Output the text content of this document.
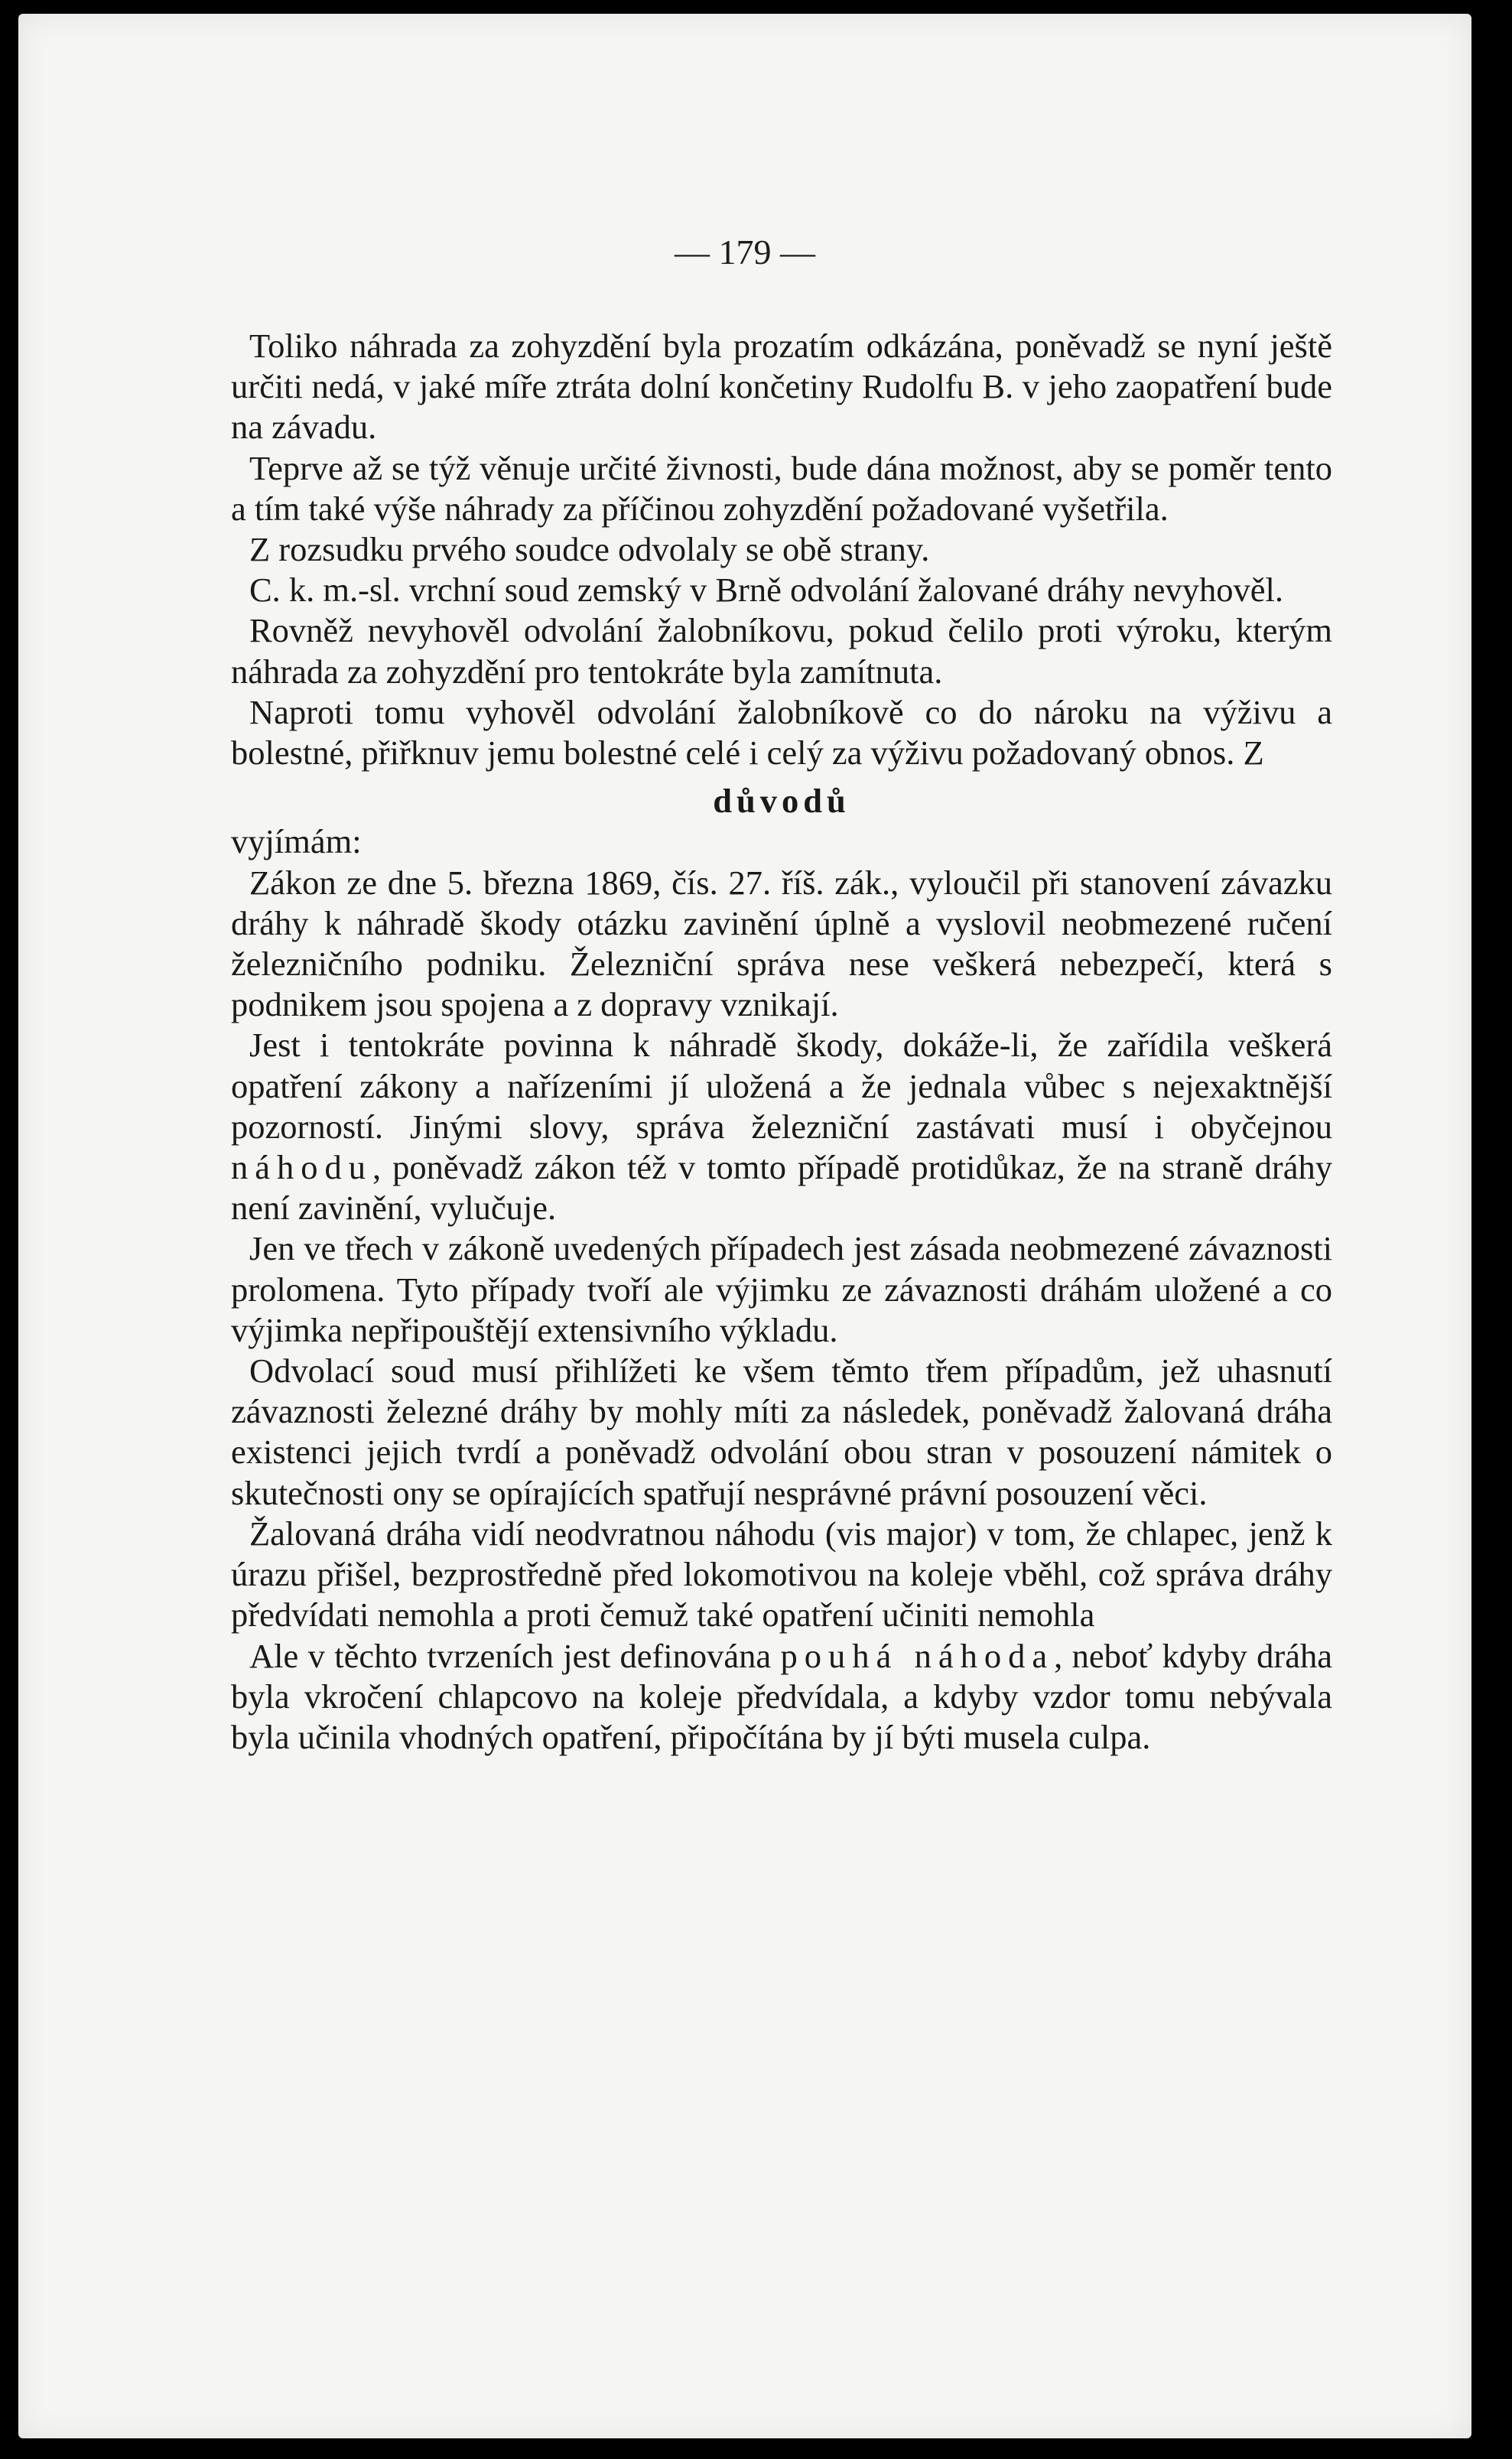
— 179 —

Toliko náhrada za zohyzdění byla prozatím odkázána, poněvadž se nyní ještě určiti nedá, v jaké míře ztráta dolní končetiny Rudolfu B. v jeho zaopatření bude na závadu.

Teprve až se týž věnuje určité živnosti, bude dána možnost, aby se poměr tento a tím také výše náhrady za příčinou zohyzdění požadované vyšetřila.

Z rozsudku prvého soudce odvolaly se obě strany.

C. k. m.-sl. vrchní soud zemský v Brně odvolání žalované dráhy nevyhověl.

Rovněž nevyhověl odvolání žalobníkovu, pokud čelilo proti výroku, kterým náhrada za zohyzdění pro tentokráte byla zamítnuta.

Naproti tomu vyhověl odvolání žalobníkově co do nároku na výživu a bolestné, přiřknuv jemu bolestné celé i celý za výživu požadovaný obnos. Z

důvodů

vyjímám:

Zákon ze dne 5. března 1869, čís. 27. říš. zák., vyloučil při stanovení závazku dráhy k náhradě škody otázku zavinění úplně a vyslovil neobmezené ručení železničního podniku. Železniční správa nese veškerá nebezpečí, která s podnikem jsou spojena a z dopravy vznikají.

Jest i tentokráte povinna k náhradě škody, dokáže-li, že zařídila veškerá opatření zákony a nařízeními jí uložená a že jednala vůbec s nejexaktnější pozorností. Jinými slovy, správa železniční zastávati musí i obyčejnou náhodu, poněvadž zákon též v tomto případě protidůkaz, že na straně dráhy není zavinění, vylučuje.

Jen ve třech v zákoně uvedených případech jest zásada neobmezené závaznosti prolomena. Tyto případy tvoří ale výjimku ze závaznosti dráhám uložené a co výjimka nepřipouštějí extensivního výkladu.

Odvolací soud musí přihlížeti ke všem těmto třem případům, jež uhasnutí závaznosti železné dráhy by mohly míti za následek, poněvadž žalovaná dráha existenci jejich tvrdí a poněvadž odvolání obou stran v posouzení námitek o skutečnosti ony se opírajících spatřují nesprávné právní posouzení věci.

Žalovaná dráha vidí neodvratnou náhodu (vis major) v tom, že chlapec, jenž k úrazu přišel, bezprostředně před lokomotivou na koleje vběhl, což správa dráhy předvídati nemohla a proti čemuž také opatření učiniti nemohla

Ale v těchto tvrzeních jest definována pouhá náhoda, neboť kdyby dráha byla vkročení chlapcovo na koleje předvídala, a kdyby vzdor tomu nebývala byla učinila vhodných opatření, připočítána by jí býti musela culpa.
